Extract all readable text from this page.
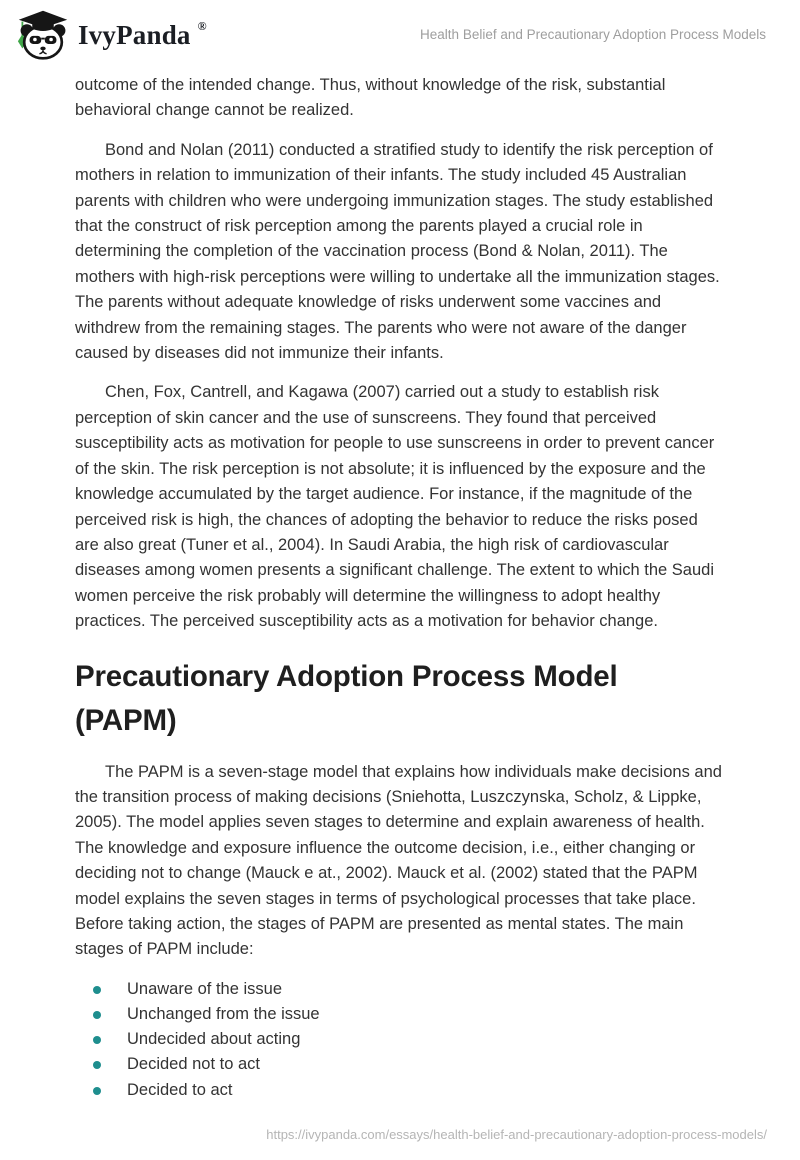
IvyPanda ®
Health Belief and Precautionary Adoption Process Models

outcome of the intended change. Thus, without knowledge of the risk, substantial behavioral change cannot be realized.

Bond and Nolan (2011) conducted a stratified study to identify the risk perception of mothers in relation to immunization of their infants. The study included 45 Australian parents with children who were undergoing immunization stages. The study established that the construct of risk perception among the parents played a crucial role in determining the completion of the vaccination process (Bond & Nolan, 2011). The mothers with high-risk perceptions were willing to undertake all the immunization stages. The parents without adequate knowledge of risks underwent some vaccines and withdrew from the remaining stages. The parents who were not aware of the danger caused by diseases did not immunize their infants.

Chen, Fox, Cantrell, and Kagawa (2007) carried out a study to establish risk perception of skin cancer and the use of sunscreens. They found that perceived susceptibility acts as motivation for people to use sunscreens in order to prevent cancer of the skin. The risk perception is not absolute; it is influenced by the exposure and the knowledge accumulated by the target audience. For instance, if the magnitude of the perceived risk is high, the chances of adopting the behavior to reduce the risks posed are also great (Tuner et al., 2004). In Saudi Arabia, the high risk of cardiovascular diseases among women presents a significant challenge. The extent to which the Saudi women perceive the risk probably will determine the willingness to adopt healthy practices. The perceived susceptibility acts as a motivation for behavior change.

Precautionary Adoption Process Model (PAPM)

The PAPM is a seven-stage model that explains how individuals make decisions and the transition process of making decisions (Sniehotta, Luszczynska, Scholz, & Lippke, 2005). The model applies seven stages to determine and explain awareness of health. The knowledge and exposure influence the outcome decision, i.e., either changing or deciding not to change (Mauck e at., 2002). Mauck et al. (2002) stated that the PAPM model explains the seven stages in terms of psychological processes that take place. Before taking action, the stages of PAPM are presented as mental states. The main stages of PAPM include:

Unaware of the issue
Unchanged from the issue
Undecided about acting
Decided not to act
Decided to act
https://ivypanda.com/essays/health-belief-and-precautionary-adoption-process-models/
